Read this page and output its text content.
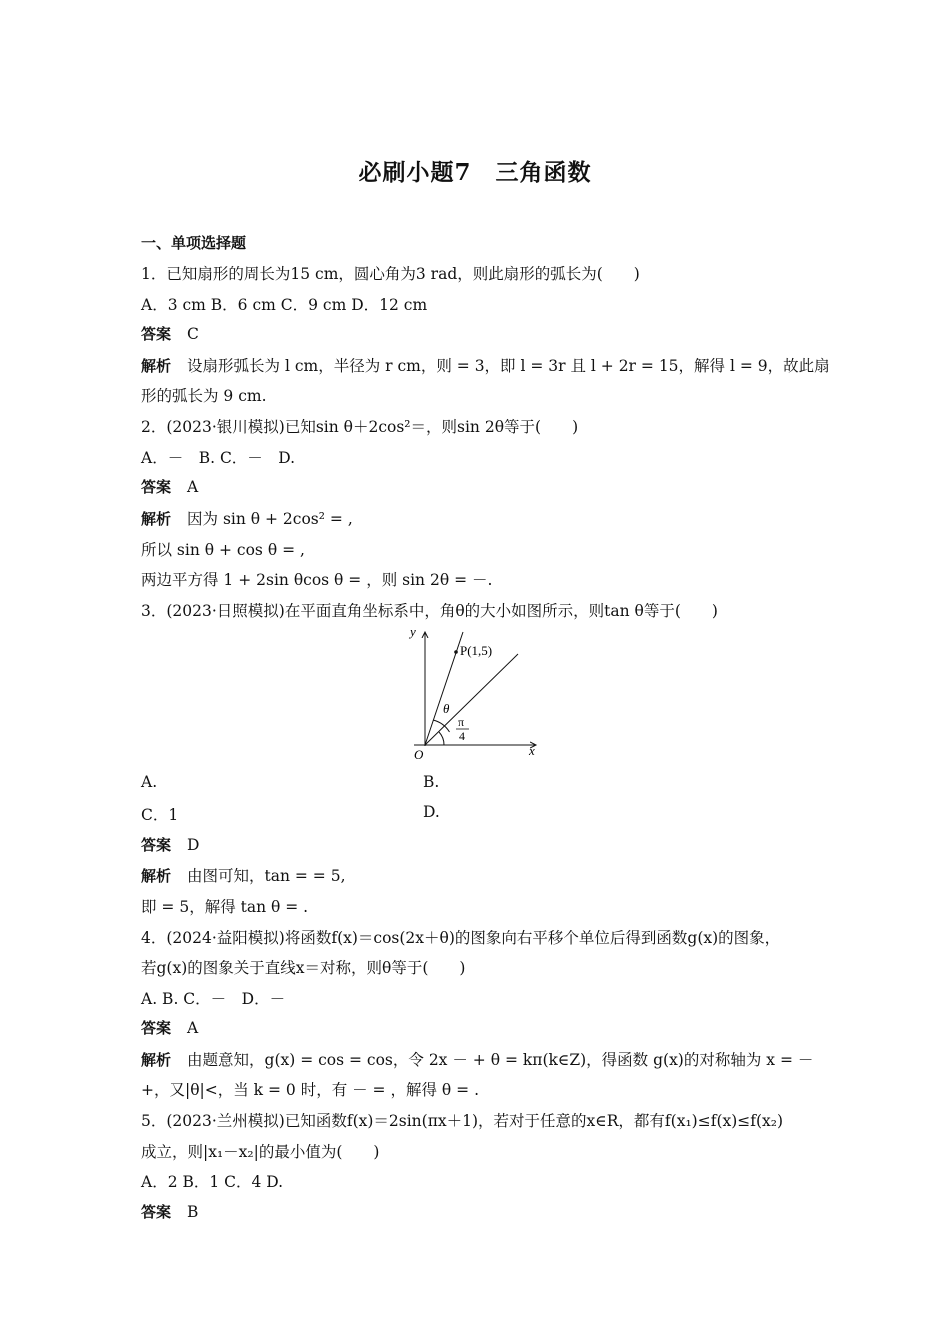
必刷小题7　三角函数
一、单项选择题
1．已知扇形的周长为15 cm，圆心角为3 rad，则此扇形的弧长为(　　)
A．3 cm B．6 cm C．9 cm D．12 cm
答案 C
解析 设扇形弧长为 l cm，半径为 r cm，则 = 3，即 l = 3r 且 l + 2r = 15，解得 l = 9，故此扇
形的弧长为 9 cm.
2．(2023·银川模拟)已知sin θ＋2cos²＝，则sin 2θ等于(　　)
A．－　B. C．－　D.
答案 A
解析 因为 sin θ + 2cos² = ,
所以 sin θ + cos θ = ,
两边平方得 1 + 2sin θcos θ = ，则 sin 2θ = －.
3．(2023·日照模拟)在平面直角坐标系中，角θ的大小如图所示，则tan θ等于(　　)
y
x
O
P(1,5)
θ
π
4
A.	B.
C．1	D.
答案 D
解析 由图可知，tan = = 5,
即 = 5，解得 tan θ = .
4．(2024·益阳模拟)将函数f(x)＝cos(2x＋θ)的图象向右平移个单位后得到函数g(x)的图象，
若g(x)的图象关于直线x＝对称，则θ等于(　　)
A. B. C．－　D．－
答案 A
解析 由题意知，g(x) = cos = cos，令 2x － + θ = kπ(k∈Z)，得函数 g(x)的对称轴为 x = －
+，又|θ|<，当 k = 0 时，有 － = ，解得 θ = .
5．(2023·兰州模拟)已知函数f(x)＝2sin(πx＋1)，若对于任意的x∈R，都有f(x₁)≤f(x)≤f(x₂)
成立，则|x₁－x₂|的最小值为(　　)
A．2 B．1 C．4 D.
答案 B
